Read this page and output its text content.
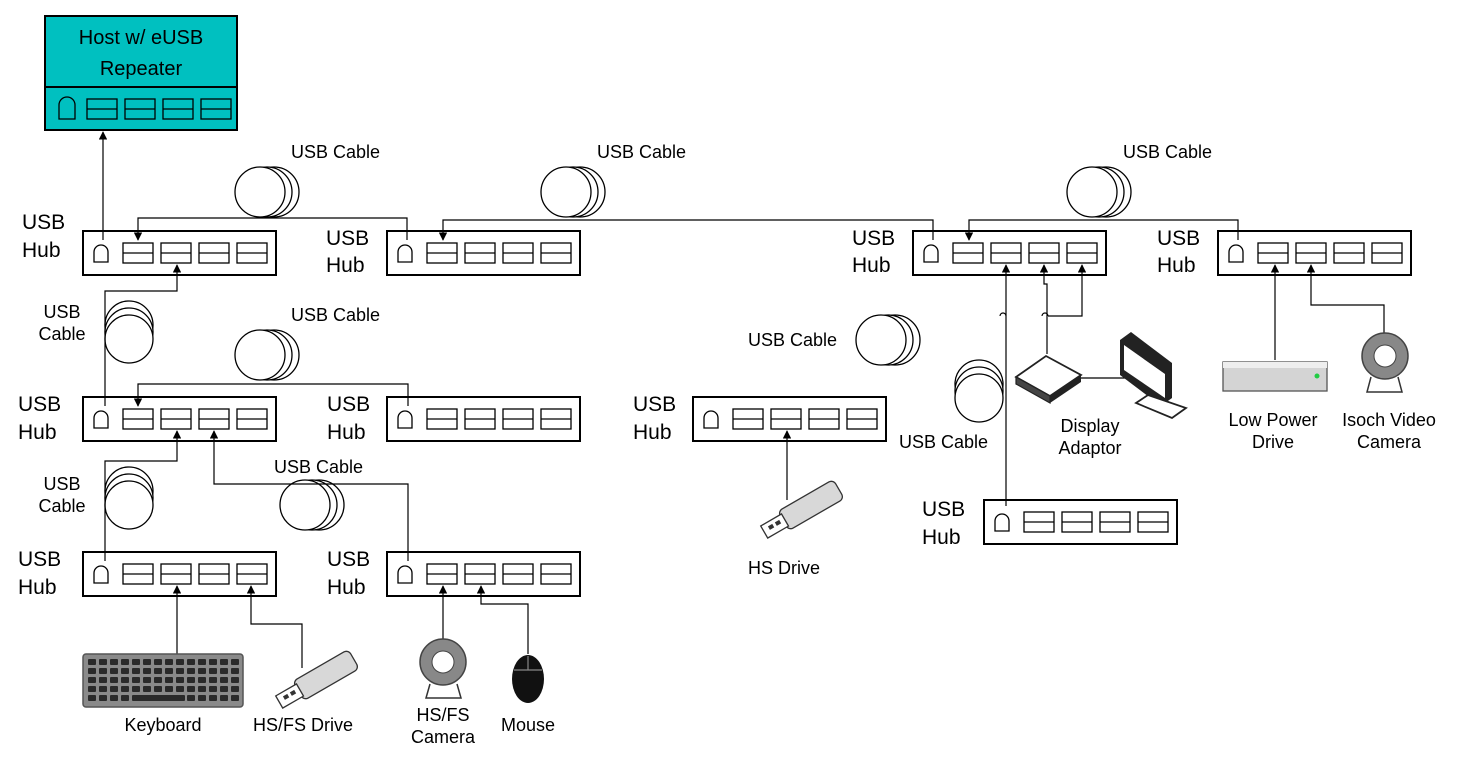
Host w/ eUSB
Repeater
USB
Hub
USB
Hub
USB
Hub
USB
Hub
USB
Hub
USB
Hub
USB
Hub
USB
Hub
USB
Hub
USB
Hub
USB Cable	USB Cable	USB Cable
USB Cable
USB Cable
USB Cable
USB Cable
USB
Cable
USB
Cable
Keyboard	HS/FS Drive	HS/FS
Camera
Mouse
HS Drive
Display
Adaptor
Low Power
Drive
Isoch Video
Camera
